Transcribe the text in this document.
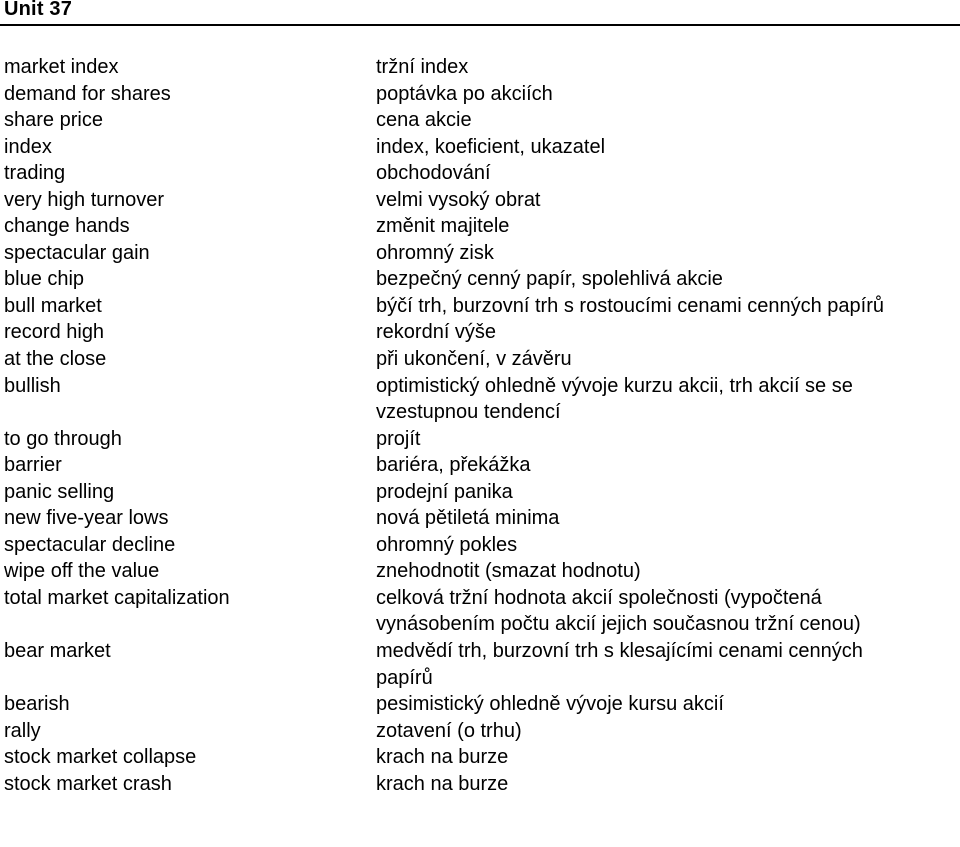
Unit 37
market index	tržní index
demand for shares	poptávka po akciích
share price	cena akcie
index	index, koeficient, ukazatel
trading	obchodování
very high turnover	velmi vysoký obrat
change hands	změnit majitele
spectacular gain	ohromný zisk
blue chip	bezpečný cenný papír, spolehlivá akcie
bull market	býčí trh, burzovní trh s rostoucími cenami cenných papírů
record high	rekordní výše
at the close	při ukončení, v závěru
bullish	optimistický ohledně vývoje kurzu akcii, trh akcií se se vzestupnou tendencí
to go through	projít
barrier	bariéra, překážka
panic selling	prodejní panika
new five-year lows	nová pětiletá minima
spectacular decline	ohromný pokles
wipe off the value	znehodnotit (smazat hodnotu)
total market capitalization	celková tržní hodnota akcií společnosti (vypočtená vynásobením počtu akcií jejich současnou tržní cenou)
bear market	medvědí trh, burzovní trh s klesajícími cenami cenných papírů
bearish	pesimistický ohledně vývoje kursu akcií
rally	zotavení (o trhu)
stock market collapse	krach na burze
stock market crash	krach na burze
